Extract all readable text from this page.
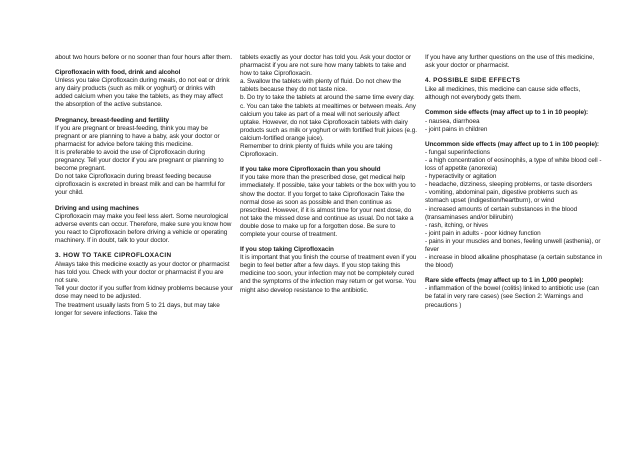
about two hours before or no sooner than four hours after them.

Ciprofloxacin with food, drink and alcohol

Unless you take Ciprofloxacin during meals, do not eat or drink any dairy products (such as milk or yoghurt) or drinks with added calcium when you take the tablets, as they may affect the absorption of the active substance.

Pregnancy, breast-feeding and fertility

If you are pregnant or breast-feeding, think you may be pregnant or are planning to have a baby, ask your doctor or pharmacist for advice before taking this medicine.

It is preferable to avoid the use of Ciprofloxacin during pregnancy. Tell your doctor if you are pregnant or planning to become pregnant.

Do not take Ciprofloxacin during breast feeding because ciprofloxacin is excreted in breast milk and can be harmful for your child.

Driving and using machines

Ciprofloxacin may make you feel less alert. Some neurological adverse events can occur. Therefore, make sure you know how you react to Ciprofloxacin before driving a vehicle or operating machinery. If in doubt, talk to your doctor.

3. HOW TO TAKE CIPROFLOXACIN

Always take this medicine exactly as your doctor or pharmacist has told you. Check with your doctor or pharmacist if you are not sure.

Tell your doctor if you suffer from kidney problems because your dose may need to be adjusted.

The treatment usually lasts from 5 to 21 days, but may take longer for severe infections. Take the

tablets exactly as your doctor has told you. Ask your doctor or pharmacist if you are not sure how many tablets to take and how to take Ciprofloxacin.

a. Swallow the tablets with plenty of fluid. Do not chew the tablets because they do not taste nice.

b. Do try to take the tablets at around the same time every day.

c. You can take the tablets at mealtimes or between meals. Any calcium you take as part of a meal will not seriously affect uptake. However, do not take Ciprofloxacin tablets with dairy products such as milk or yoghurt or with fortified fruit juices (e.g. calcium-fortified orange juice).

Remember to drink plenty of fluids while you are taking Ciprofloxacin.

If you take more Ciprofloxacin than you should

If you take more than the prescribed dose, get medical help immediately. If possible, take your tablets or the box with you to show the doctor. If you forget to take Ciprofloxacin Take the normal dose as soon as possible and then continue as prescribed. However, if it is almost time for your next dose, do not take the missed dose and continue as usual. Do not take a double dose to make up for a forgotten dose. Be sure to complete your course of treatment.

If you stop taking Ciprofloxacin

It is important that you finish the course of treatment even if you begin to feel better after a few days. If you stop taking this medicine too soon, your infection may not be completely cured and the symptoms of the infection may return or get worse. You might also develop resistance to the antibiotic.

If you have any further questions on the use of this medicine, ask your doctor or pharmacist.

4. POSSIBLE SIDE EFFECTS

Like all medicines, this medicine can cause side effects, although not everybody gets them.

Common side effects (may affect up to 1 in 10 people):

- nausea, diarrhoea
- joint pains in children

Uncommon side effects (may affect up to 1 in 100 people):

- fungal superinfections
- a high concentration of eosinophils, a type of white blood cell - loss of appetite (anorexia)
- hyperactivity or agitation
- headache, dizziness, sleeping problems, or taste disorders
- vomiting, abdominal pain, digestive problems such as stomach upset (indigestion/heartburn), or wind
- increased amounts of certain substances in the blood (transaminases and/or bilirubin)
- rash, itching, or hives
- joint pain in adults - poor kidney function
- pains in your muscles and bones, feeling unwell (asthenia), or fever
- increase in blood alkaline phosphatase (a certain substance in the blood)

Rare side effects (may affect up to 1 in 1,000 people):

- inflammation of the bowel (colitis) linked to antibiotic use (can be fatal in very rare cases) (see Section 2: Warnings and precautions )
